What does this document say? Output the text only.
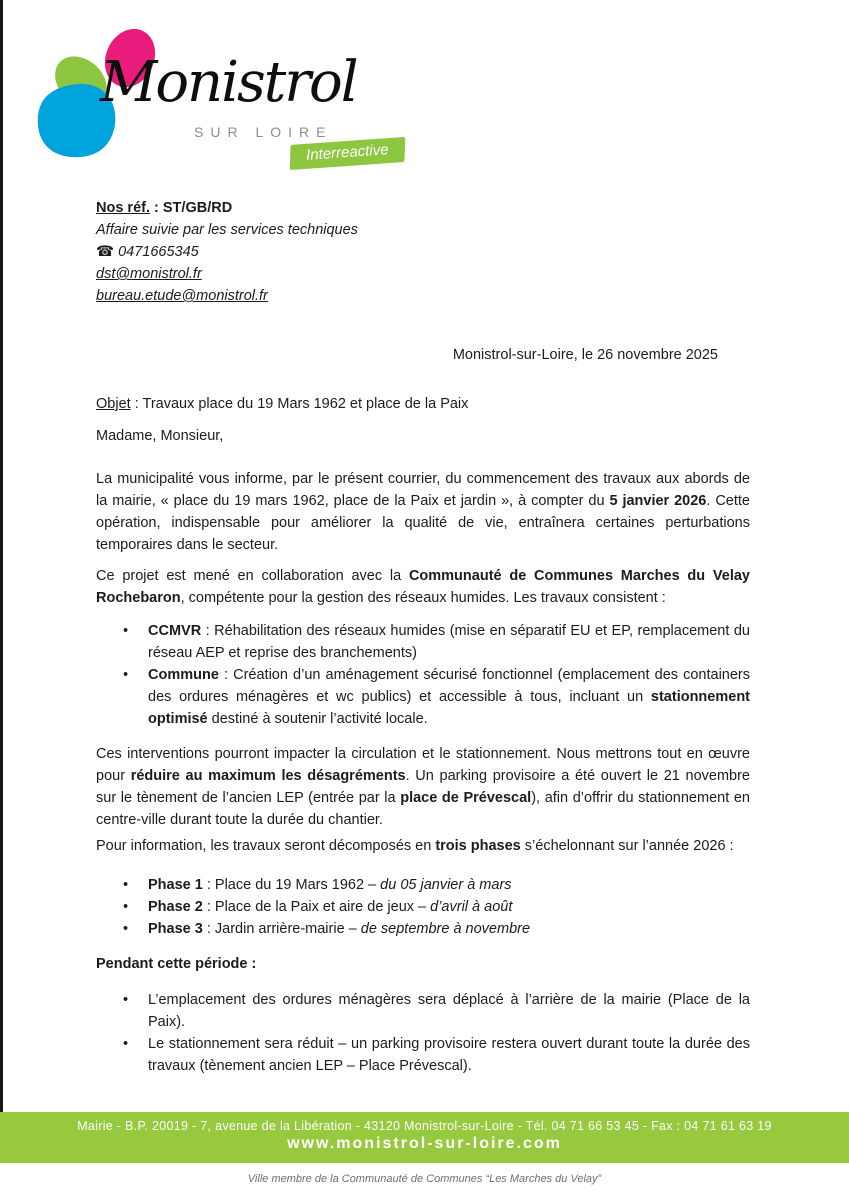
Monistrol
SUR LOIRE
Interreactive
Nos réf. : ST/GB/RD
Affaire suivie par les services techniques
☎ 0471665345
dst@monistrol.fr
bureau.etude@monistrol.fr
Monistrol-sur-Loire, le 26 novembre 2025
Objet : Travaux place du 19 Mars 1962 et place de la Paix
Madame, Monsieur,

La municipalité vous informe, par le présent courrier, du commencement des travaux aux abords de la mairie, « place du 19 mars 1962, place de la Paix et jardin », à compter du 5 janvier 2026. Cette opération, indispensable pour améliorer la qualité de vie, entraînera certaines perturbations temporaires dans le secteur.

Ce projet est mené en collaboration avec la Communauté de Communes Marches du Velay Rochebaron, compétente pour la gestion des réseaux humides. Les travaux consistent :

• CCMVR : Réhabilitation des réseaux humides (mise en séparatif EU et EP, remplacement du réseau AEP et reprise des branchements)
• Commune : Création d’un aménagement sécurisé fonctionnel (emplacement des containers des ordures ménagères et wc publics) et accessible à tous, incluant un stationnement optimisé destiné à soutenir l’activité locale.

Ces interventions pourront impacter la circulation et le stationnement. Nous mettrons tout en œuvre pour réduire au maximum les désagréments. Un parking provisoire a été ouvert le 21 novembre sur le tènement de l’ancien LEP (entrée par la place de Prévescal), afin d’offrir du stationnement en centre-ville durant toute la durée du chantier.

Pour information, les travaux seront décomposés en trois phases s’échelonnant sur l’année 2026 :

• Phase 1 : Place du 19 Mars 1962 – du 05 janvier à mars
• Phase 2 : Place de la Paix et aire de jeux – d’avril à août
• Phase 3 : Jardin arrière-mairie – de septembre à novembre
Pendant cette période :
• L’emplacement des ordures ménagères sera déplacé à l’arrière de la mairie (Place de la Paix).
• Le stationnement sera réduit – un parking provisoire restera ouvert durant toute la durée des travaux (tènement ancien LEP – Place Prévescal).
Mairie - B.P. 20019 - 7, avenue de la Libération - 43120 Monistrol-sur-Loire - Tél. 04 71 66 53 45 - Fax : 04 71 61 63 19
www.monistrol-sur-loire.com
Ville membre de la Communauté de Communes “Les Marches du Velay”
